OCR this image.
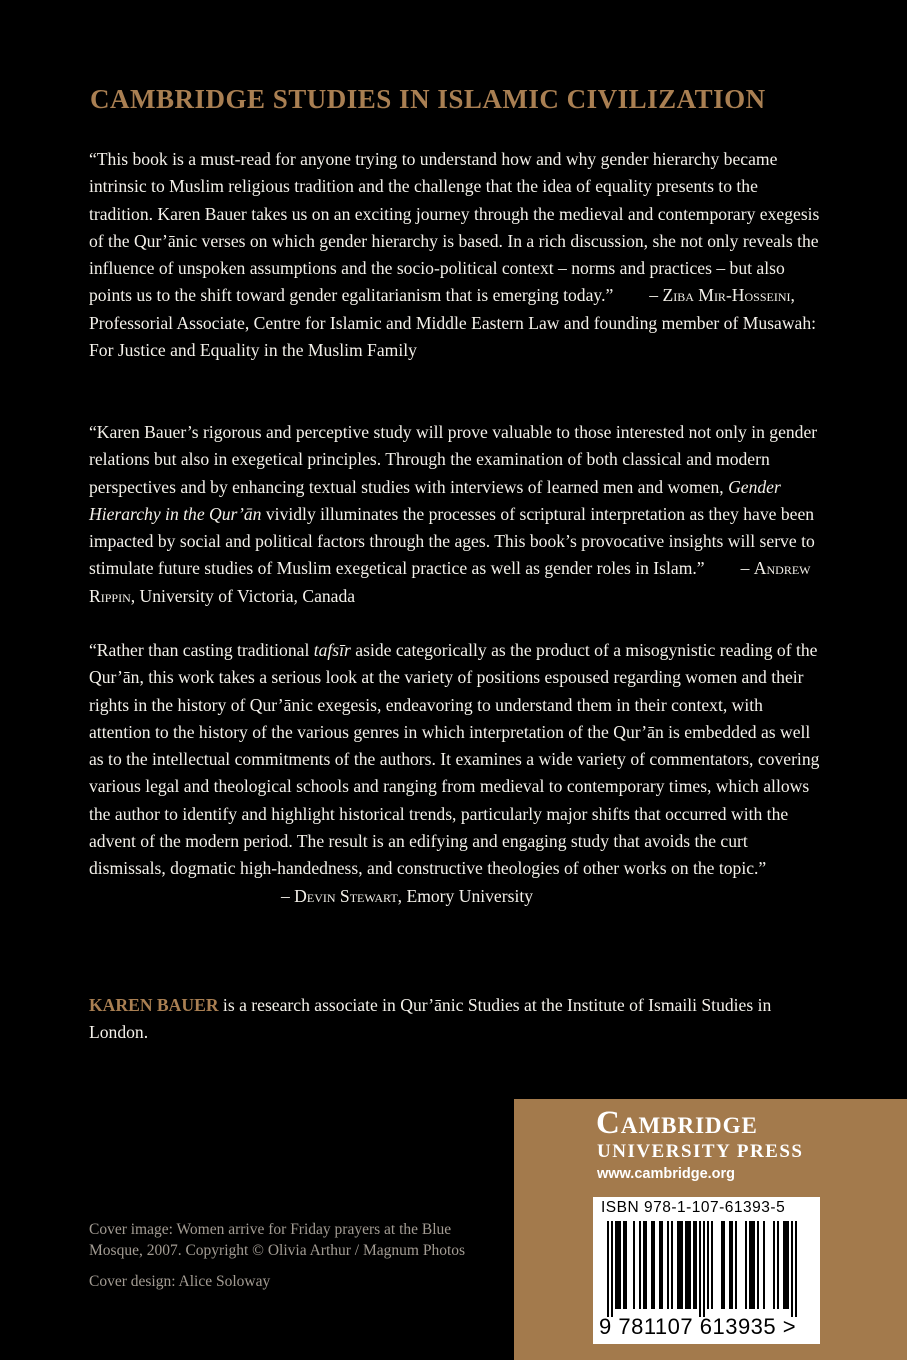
CAMBRIDGE STUDIES IN ISLAMIC CIVILIZATION
“This book is a must-read for anyone trying to understand how and why gender hierarchy became intrinsic to Muslim religious tradition and the challenge that the idea of equality presents to the tradition. Karen Bauer takes us on an exciting journey through the medieval and contemporary exegesis of the Qur’ānic verses on which gender hierarchy is based. In a rich discussion, she not only reveals the influence of unspoken assumptions and the socio-political context – norms and practices – but also points us to the shift toward gender egalitarianism that is emerging today.” – Ziba Mir-Hosseini, Professorial Associate, Centre for Islamic and Middle Eastern Law and founding member of Musawah: For Justice and Equality in the Muslim Family
“Karen Bauer’s rigorous and perceptive study will prove valuable to those interested not only in gender relations but also in exegetical principles. Through the examination of both classical and modern perspectives and by enhancing textual studies with interviews of learned men and women, Gender Hierarchy in the Qur’ān vividly illuminates the processes of scriptural interpretation as they have been impacted by social and political factors through the ages. This book’s provocative insights will serve to stimulate future studies of Muslim exegetical practice as well as gender roles in Islam.” – Andrew Rippin, University of Victoria, Canada
“Rather than casting traditional tafsīr aside categorically as the product of a misogynistic reading of the Qur’ān, this work takes a serious look at the variety of positions espoused regarding women and their rights in the history of Qur’ānic exegesis, endeavoring to understand them in their context, with attention to the history of the various genres in which interpretation of the Qur’ān is embedded as well as to the intellectual commitments of the authors. It examines a wide variety of commentators, covering various legal and theological schools and ranging from medieval to contemporary times, which allows the author to identify and highlight historical trends, particularly major shifts that occurred with the advent of the modern period. The result is an edifying and engaging study that avoids the curt dismissals, dogmatic high-handedness, and constructive theologies of other works on the topic.”
– Devin Stewart, Emory University
KAREN BAUER is a research associate in Qur’ānic Studies at the Institute of Ismaili Studies in London.
Cover image: Women arrive for Friday prayers at the Blue Mosque, 2007. Copyright © Olivia Arthur / Magnum Photos
Cover design: Alice Soloway
Cambridge
UNIVERSITY PRESS
www.cambridge.org
ISBN 978-1-107-61393-5
9 781107 613935 >
